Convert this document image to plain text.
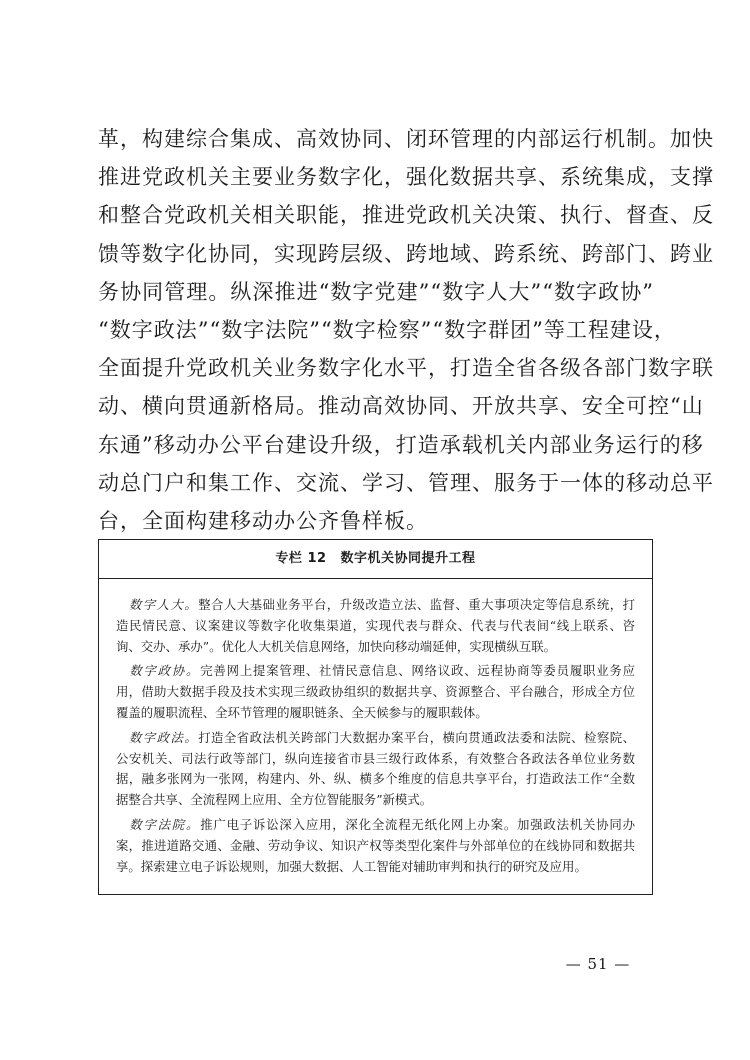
革，构建综合集成、高效协同、闭环管理的内部运行机制。加快
推进党政机关主要业务数字化，强化数据共享、系统集成，支撑
和整合党政机关相关职能，推进党政机关决策、执行、督查、反
馈等数字化协同，实现跨层级、跨地域、跨系统、跨部门、跨业
务协同管理。纵深推进“数字党建”“数字人大”“数字政协”
“数字政法”“数字法院”“数字检察”“数字群团”等工程建设，
全面提升党政机关业务数字化水平，打造全省各级各部门数字联
动、横向贯通新格局。推动高效协同、开放共享、安全可控“山
东通”移动办公平台建设升级，打造承载机关内部业务运行的移
动总门户和集工作、交流、学习、管理、服务于一体的移动总平
台，全面构建移动办公齐鲁样板。
专栏 12 数字机关协同提升工程
　数字人大。整合人大基础业务平台，升级改造立法、监督、重大事项决定等信息系统，打
造民情民意、议案建议等数字化收集渠道，实现代表与群众、代表与代表间“线上联系、咨
询、交办、承办”。优化人大机关信息网络，加快向移动端延伸，实现横纵互联。
　数字政协。完善网上提案管理、社情民意信息、网络议政、远程协商等委员履职业务应
用，借助大数据手段及技术实现三级政协组织的数据共享、资源整合、平台融合，形成全方位
覆盖的履职流程、全环节管理的履职链条、全天候参与的履职载体。
　数字政法。打造全省政法机关跨部门大数据办案平台，横向贯通政法委和法院、检察院、
公安机关、司法行政等部门，纵向连接省市县三级行政体系，有效整合各政法各单位业务数
据，融多张网为一张网，构建内、外、纵、横多个维度的信息共享平台，打造政法工作“全数
据整合共享、全流程网上应用、全方位智能服务”新模式。
　数字法院。推广电子诉讼深入应用，深化全流程无纸化网上办案。加强政法机关协同办
案，推进道路交通、金融、劳动争议、知识产权等类型化案件与外部单位的在线协同和数据共
享。探索建立电子诉讼规则，加强大数据、人工智能对辅助审判和执行的研究及应用。
— 51 —
